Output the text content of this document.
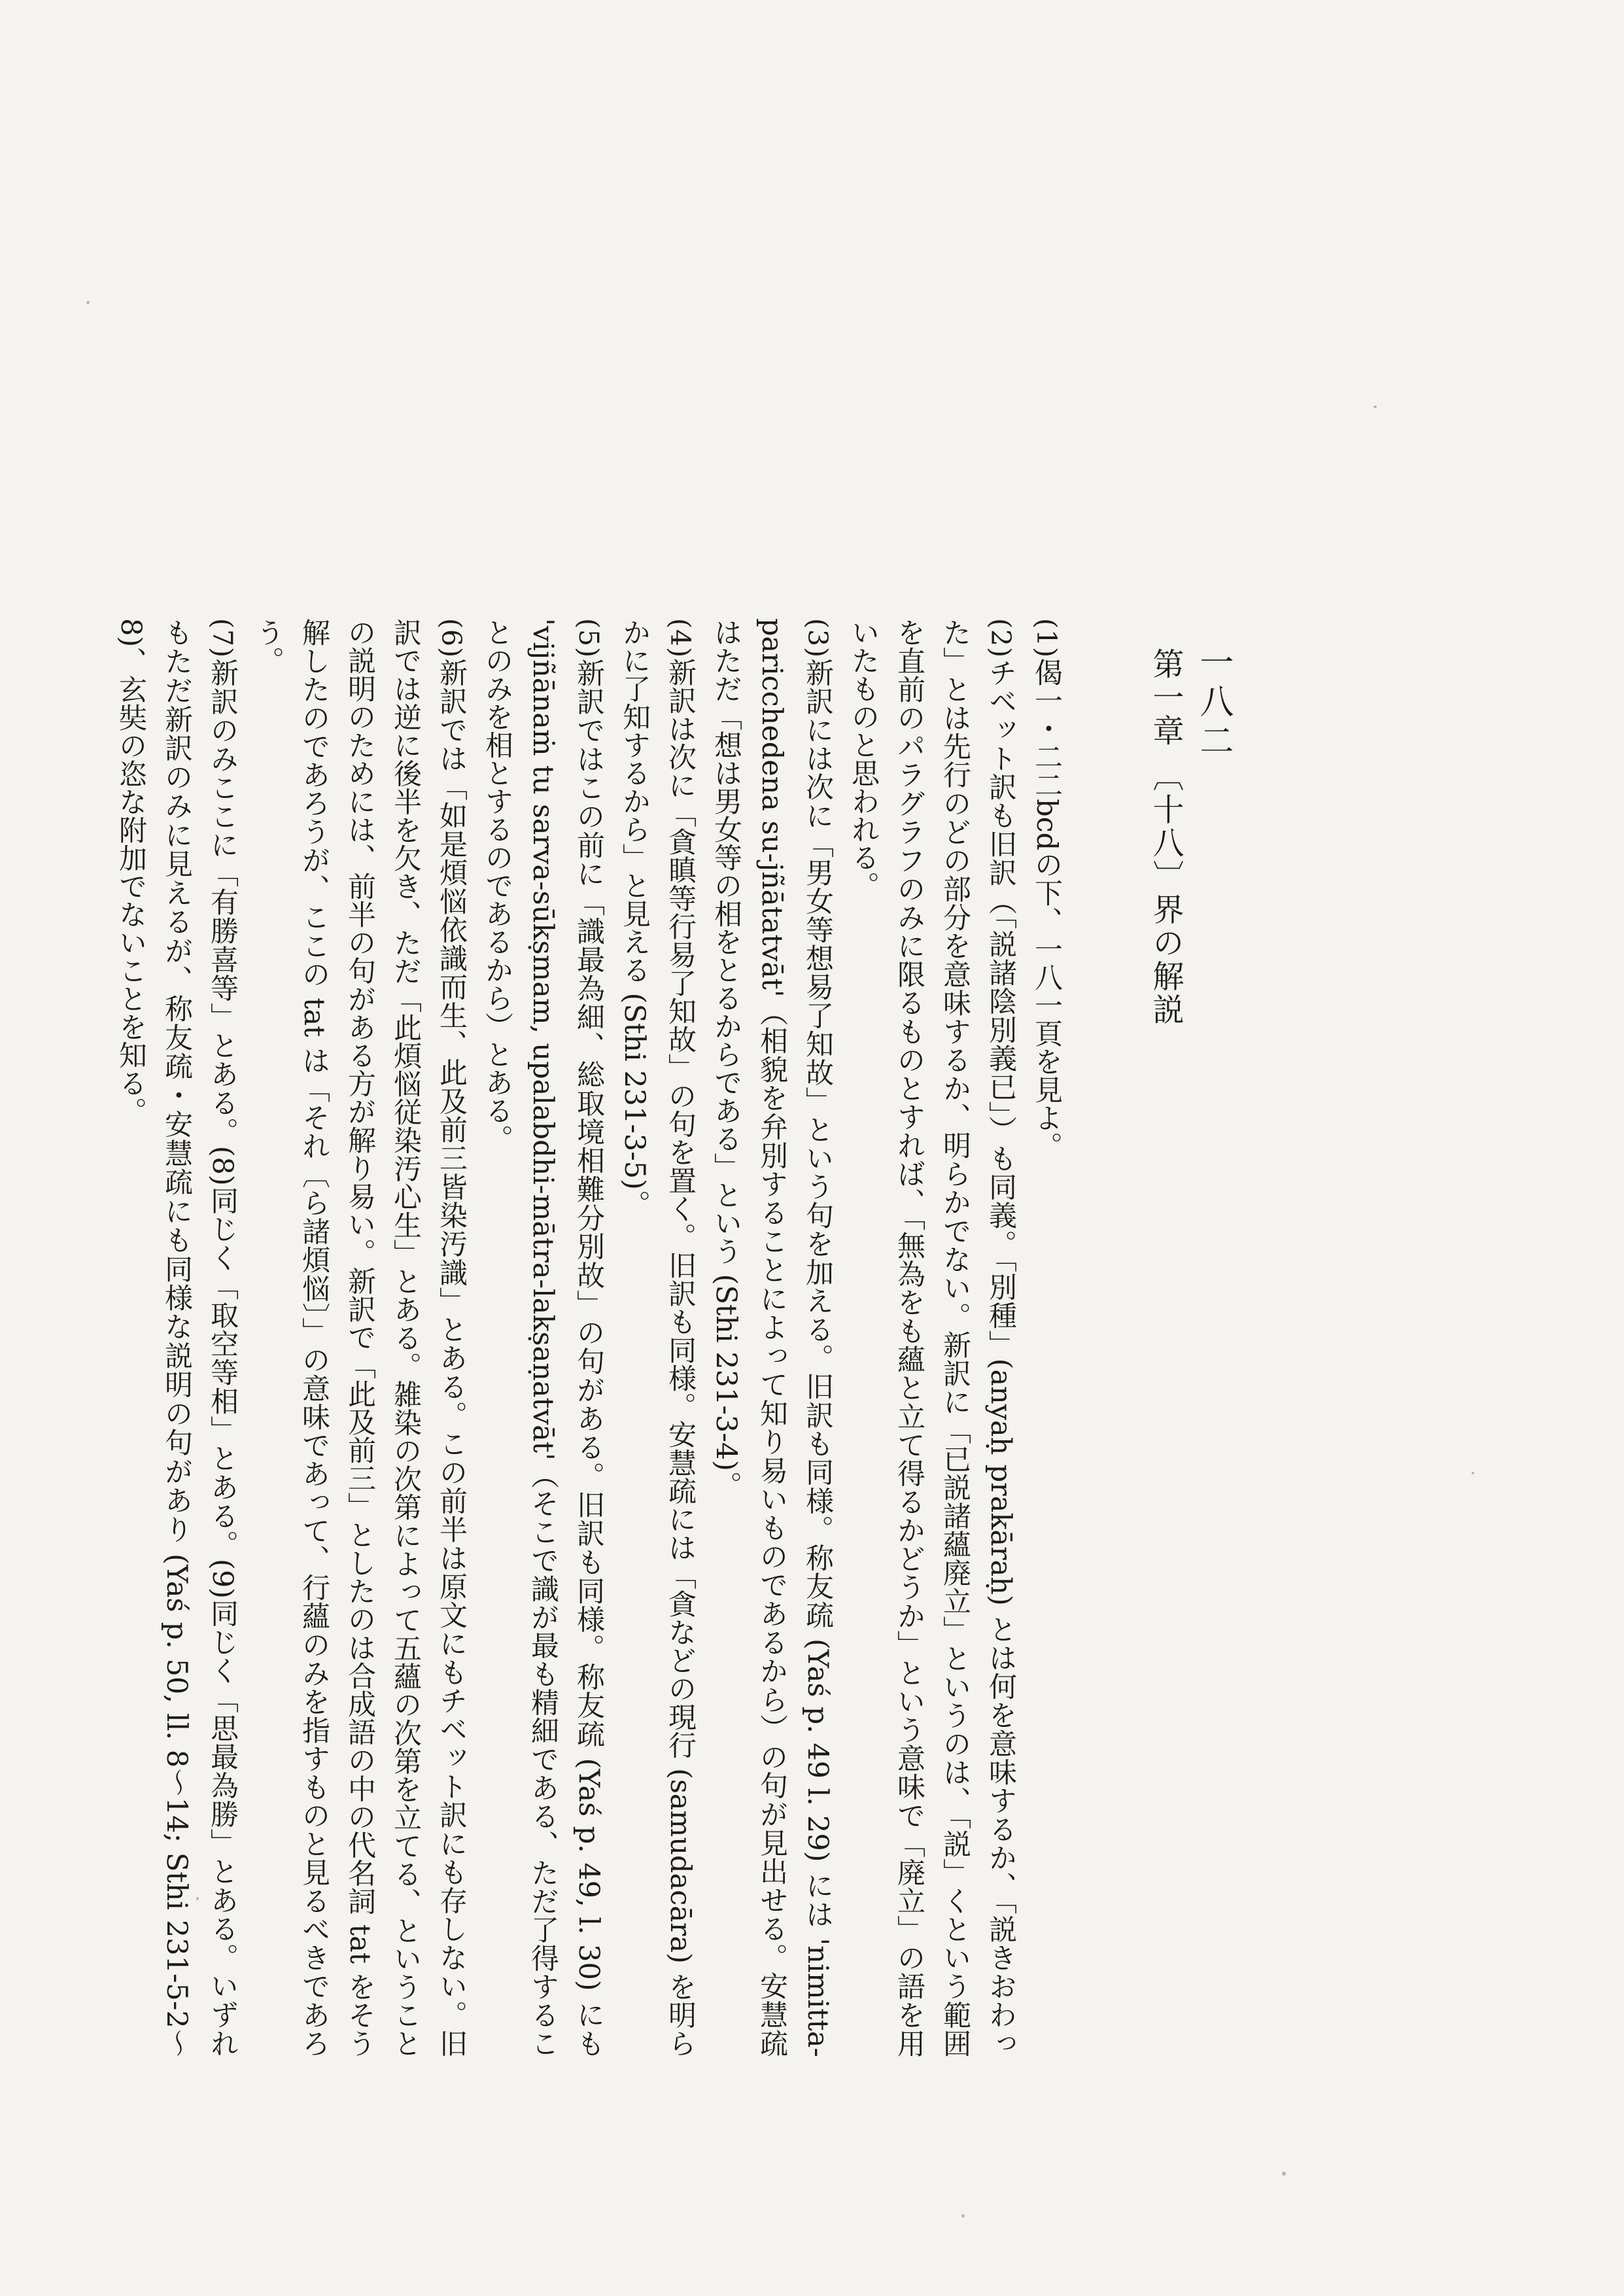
一八二
第一章 〔十八〕界の解説

(1)偈一・二二bcdの下、一八一頁を見よ。

(2)チベット訳も旧訳（「説諸陰別義已」）も同義。「別種」(anyaḥ prakāraḥ) とは何を意味するか、「説きおわった」とは先行のどの部分を意味するか、明らかでない。新訳に「已説諸蘊廃立」というのは、「説」くという範囲を直前のパラグラフのみに限るものとすれば、「無為をも蘊と立て得るかどうか」という意味で「廃立」の語を用いたものと思われる。

(3)新訳には次に「男女等想易了知故」という句を加える。旧訳も同様。称友疏 (Yaś p. 49 l. 29) には 'nimitta-paricchedena su-jñātatvāt'（相貌を弁別することによって知り易いものであるから）の句が見出せる。安慧疏はただ「想は男女等の相をとるからである」という (Sthi 231-3-4)。

(4)新訳は次に「貪瞋等行易了知故」の句を置く。旧訳も同様。安慧疏には「貪などの現行 (samudacāra) を明らかに了知するから」と見える (Sthi 231-3-5)。

(5)新訳ではこの前に「識最為細、総取境相難分別故」の句がある。旧訳も同様。称友疏 (Yaś p. 49, l. 30) にも 'vijñānaṁ tu sarva-sūkṣmam, upalabdhi-mātra-lakṣaṇatvāt'（そこで識が最も精細である、ただ了得することのみを相とするのであるから）とある。

(6)新訳では「如是煩悩依識而生、此及前三皆染汚識」とある。この前半は原文にもチベット訳にも存しない。旧訳では逆に後半を欠き、ただ「此煩悩従染汚心生」とある。雑染の次第によって五蘊の次第を立てる、ということの説明のためには、前半の句がある方が解り易い。新訳で「此及前三」としたのは合成語の中の代名詞 tat をそう解したのであろうが、ここの tat は「それ〔ら諸煩悩〕」の意味であって、行蘊のみを指すものと見るべきであろう。

(7)新訳のみここに「有勝喜等」とある。(8)同じく「取空等相」とある。(9)同じく「思最為勝」とある。いずれもただ新訳のみに見えるが、称友疏・安慧疏にも同様な説明の句があり (Yaś p. 50, ll. 8〜14; Sthi 231-5-2〜8)、玄奘の恣な附加でないことを知る。
